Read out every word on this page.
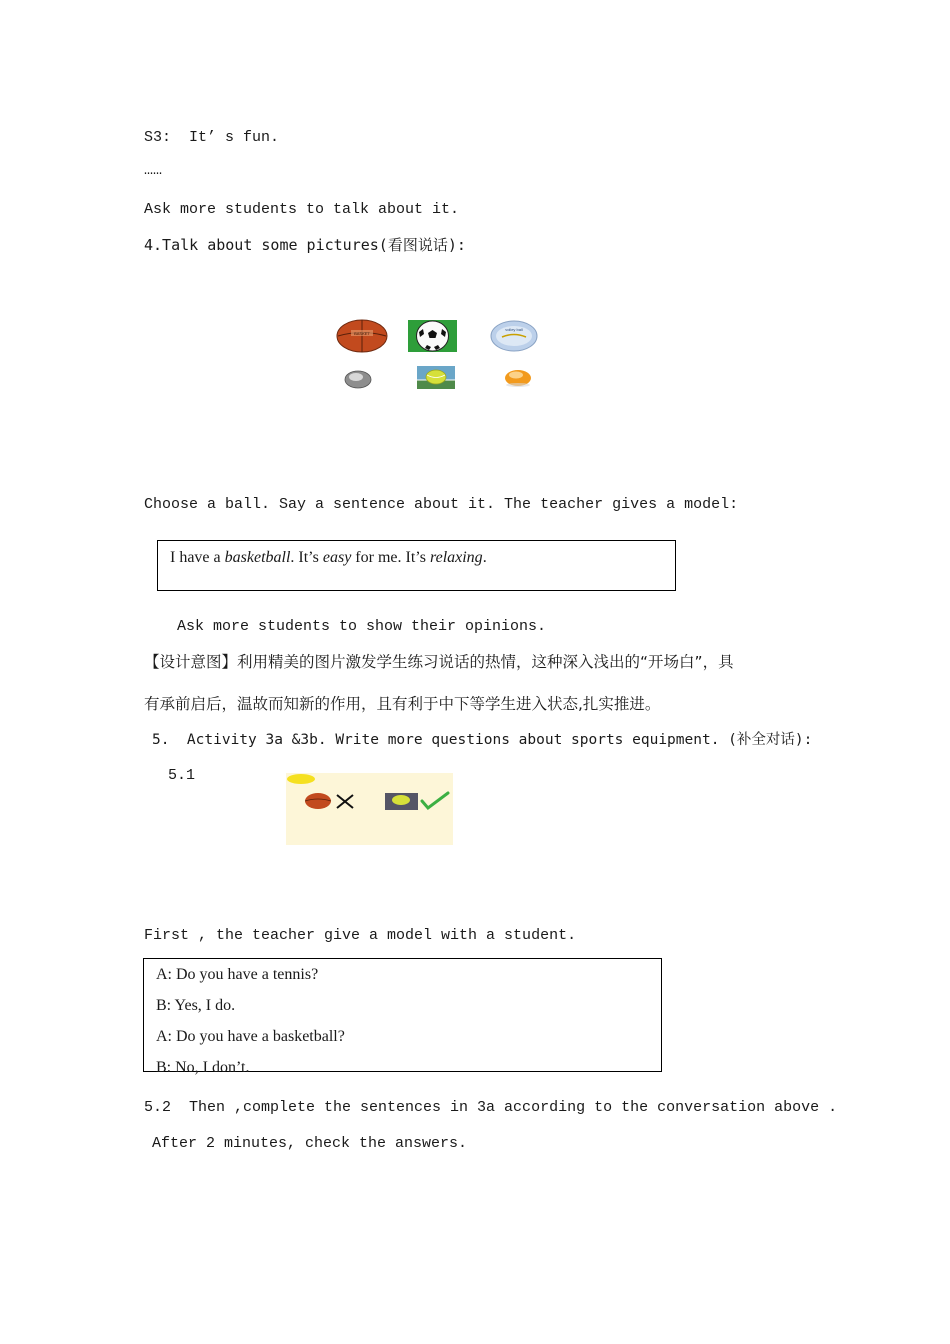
S3:  It’ s fun.
……
Ask more students to talk about it.
4.Talk about some pictures(看图说话):
BASKET
volley ball
Choose a ball. Say a sentence about it. The teacher gives a model:
I have a basketball. It’s easy for me. It’s relaxing.
Ask more students to show their opinions.
【设计意图】利用精美的图片激发学生练习说话的热情，这种深入浅出的“开场白”，具
有承前启后，温故而知新的作用，且有利于中下等学生进入状态,扎实推进。
5.  Activity 3a &3b. Write more questions about sports equipment. (补全对话):
5.1
First , the teacher give a model with a student.
A: Do you have a tennis?
B: Yes, I do.
A: Do you have a basketball?
B: No, I don’t.
5.2  Then ,complete the sentences in 3a according to the conversation above .
After 2 minutes, check the answers.
